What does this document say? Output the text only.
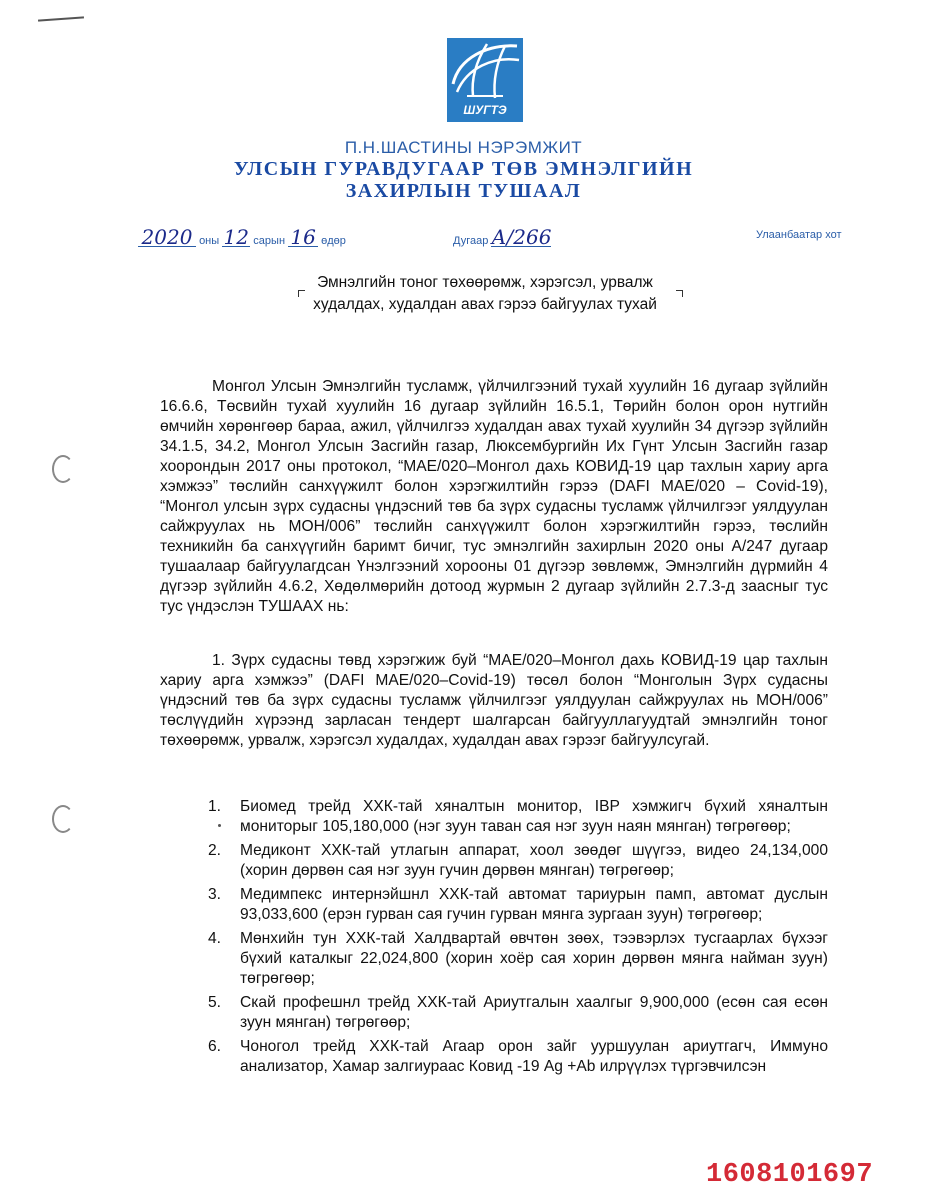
ШУГТЭ
П.Н.ШАСТИНЫ НЭРЭМЖИТ
УЛСЫН ГУРАВДУГААР ТӨВ ЭМНЭЛГИЙН
ЗАХИРЛЫН ТУШААЛ
2020 оны 12 сарын 16 өдөр	Дугаар А/266	Улаанбаатар хот
Эмнэлгийн тоног төхөөрөмж, хэрэгсэл, урвалж худалдах, худалдан авах гэрээ байгуулах тухай
Монгол Улсын Эмнэлгийн тусламж, үйлчилгээний тухай хуулийн 16 дугаар зүйлийн 16.6.6, Төсвийн тухай хуулийн 16 дугаар зүйлийн 16.5.1, Төрийн болон орон нутгийн өмчийн хөрөнгөөр бараа, ажил, үйлчилгээ худалдан авах тухай хуулийн 34 дүгээр зүйлийн 34.1.5, 34.2, Монгол Улсын Засгийн газар, Люксембургийн Их Гүнт Улсын Засгийн газар хоорондын 2017 оны протокол, “МАЕ/020–Монгол дахь КОВИД-19 цар тахлын хариу арга хэмжээ” төслийн санхүүжилт болон хэрэгжилтийн гэрээ (DAFI MAE/020 – Covid-19), “Монгол улсын зүрх судасны үндэсний төв ба зүрх судасны тусламж үйлчилгээг уялдуулан сайжруулах нь МОН/006” төслийн санхүүжилт болон хэрэгжилтийн гэрээ, төслийн техникийн ба санхүүгийн баримт бичиг, тус эмнэлгийн захирлын 2020 оны А/247 дугаар тушаалаар байгуулагдсан Үнэлгээний хорооны 01 дүгээр зөвлөмж, Эмнэлгийн дүрмийн 4 дүгээр зүйлийн 4.6.2, Хөдөлмөрийн дотоод журмын 2 дугаар зүйлийн 2.7.3-д заасныг тус тус үндэслэн ТУШААХ нь:
1. Зүрх судасны төвд хэрэгжиж буй “МАЕ/020–Монгол дахь КОВИД-19 цар тахлын хариу арга хэмжээ” (DAFI MAE/020–Covid-19) төсөл болон “Монголын Зүрх судасны үндэсний төв ба зүрх судасны тусламж үйлчилгээг уялдуулан сайжруулах нь МОН/006” төслүүдийн хүрээнд зарласан тендерт шалгарсан байгууллагуудтай эмнэлгийн тоног төхөөрөмж, урвалж, хэрэгсэл худалдах, худалдан авах гэрээг байгуулсугай.
1. Биомед трейд ХХК-тай хяналтын монитор, IBP хэмжигч бүхий хяналтын мониторыг 105,180,000 (нэг зуун таван сая нэг зуун наян мянган) төгрөгөөр;
2. Медиконт ХХК-тай утлагын аппарат, хоол зөөдөг шүүгээ, видео 24,134,000 (хорин дөрвөн сая нэг зуун гучин дөрвөн мянган) төгрөгөөр;
3. Медимпекс интернэйшнл ХХК-тай автомат тариурын памп, автомат дуслын 93,033,600 (ерэн гурван сая гучин гурван мянга зургаан зуун) төгрөгөөр;
4. Мөнхийн тун ХХК-тай Халдвартай өвчтөн зөөх, тээвэрлэх тусгаарлах бүхээг бүхий каталкыг 22,024,800 (хорин хоёр сая хорин дөрвөн мянга найман зуун) төгрөгөөр;
5. Скай профешнл трейд ХХК-тай Ариутгалын хаалгыг 9,900,000 (есөн сая есөн зуун мянган) төгрөгөөр;
6. Чоногол трейд ХХК-тай Агаар орон зайг ууршуулан ариутгагч, Иммуно анализатор, Хамар залгиураас Ковид -19 Ag +Ab илрүүлэх түргэвчилсэн
1608101697
